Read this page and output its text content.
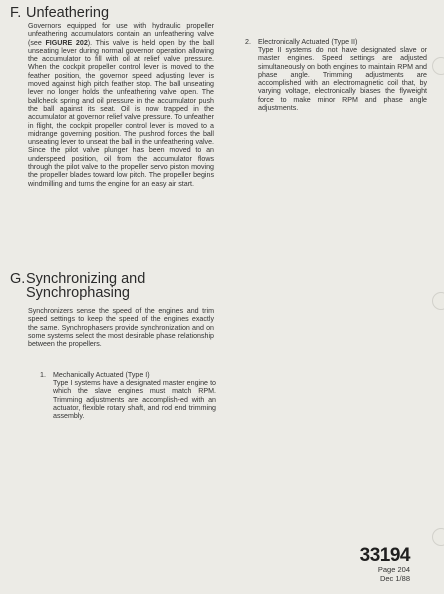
F. Unfeathering

Governors equipped for use with hydraulic propeller unfeathering accumulators contain an unfeathering valve (see FIGURE 202). This valve is held open by the ball unseating lever during normal governor operation allowing the accumulator to fill with oil at relief valve pressure. When the cockpit propeller control lever is moved to the feather position, the governor speed adjusting lever is moved against high pitch feather stop. The ball unseating lever no longer holds the unfeathering valve open. The ballcheck spring and oil pressure in the accumulator push the ball against its seat. Oil is now trapped in the accumulator at governor relief valve pressure. To unfeather in flight, the cockpit propeller control lever is moved to a midrange governing position. The pushrod forces the ball unseating lever to unseat the ball in the unfeathering valve. Since the pilot valve plunger has been moved to an underspeed position, oil from the accumulator flows through the pilot valve to the propeller servo piston moving the propeller blades toward low pitch. The propeller begins windmilling and turns the engine for an easy air start.

G. Synchronizing and
Synchrophasing

Synchronizers sense the speed of the engines and trim speed settings to keep the speed of the engines exactly the same. Synchrophasers provide synchronization and on some systems select the most desirable phase relationship between the propellers.

1. Mechanically Actuated (Type I)

Type I systems have a designated master engine to which the slave engines must match RPM. Trimming adjustments are accomplish-ed with an actuator, flexible rotary shaft, and rod end trimming assembly.

2. Electronically Actuated (Type II)

Type II systems do not have designated slave or master engines. Speed settings are adjusted simultaneously on both engines to maintain RPM and phase angle. Trimming adjustments are accomplished with an electromagnetic coil that, by varying voltage, electronically biases the flyweight force to make minor RPM and phase angle adjustments.

33194
Page 204
Dec 1/88
